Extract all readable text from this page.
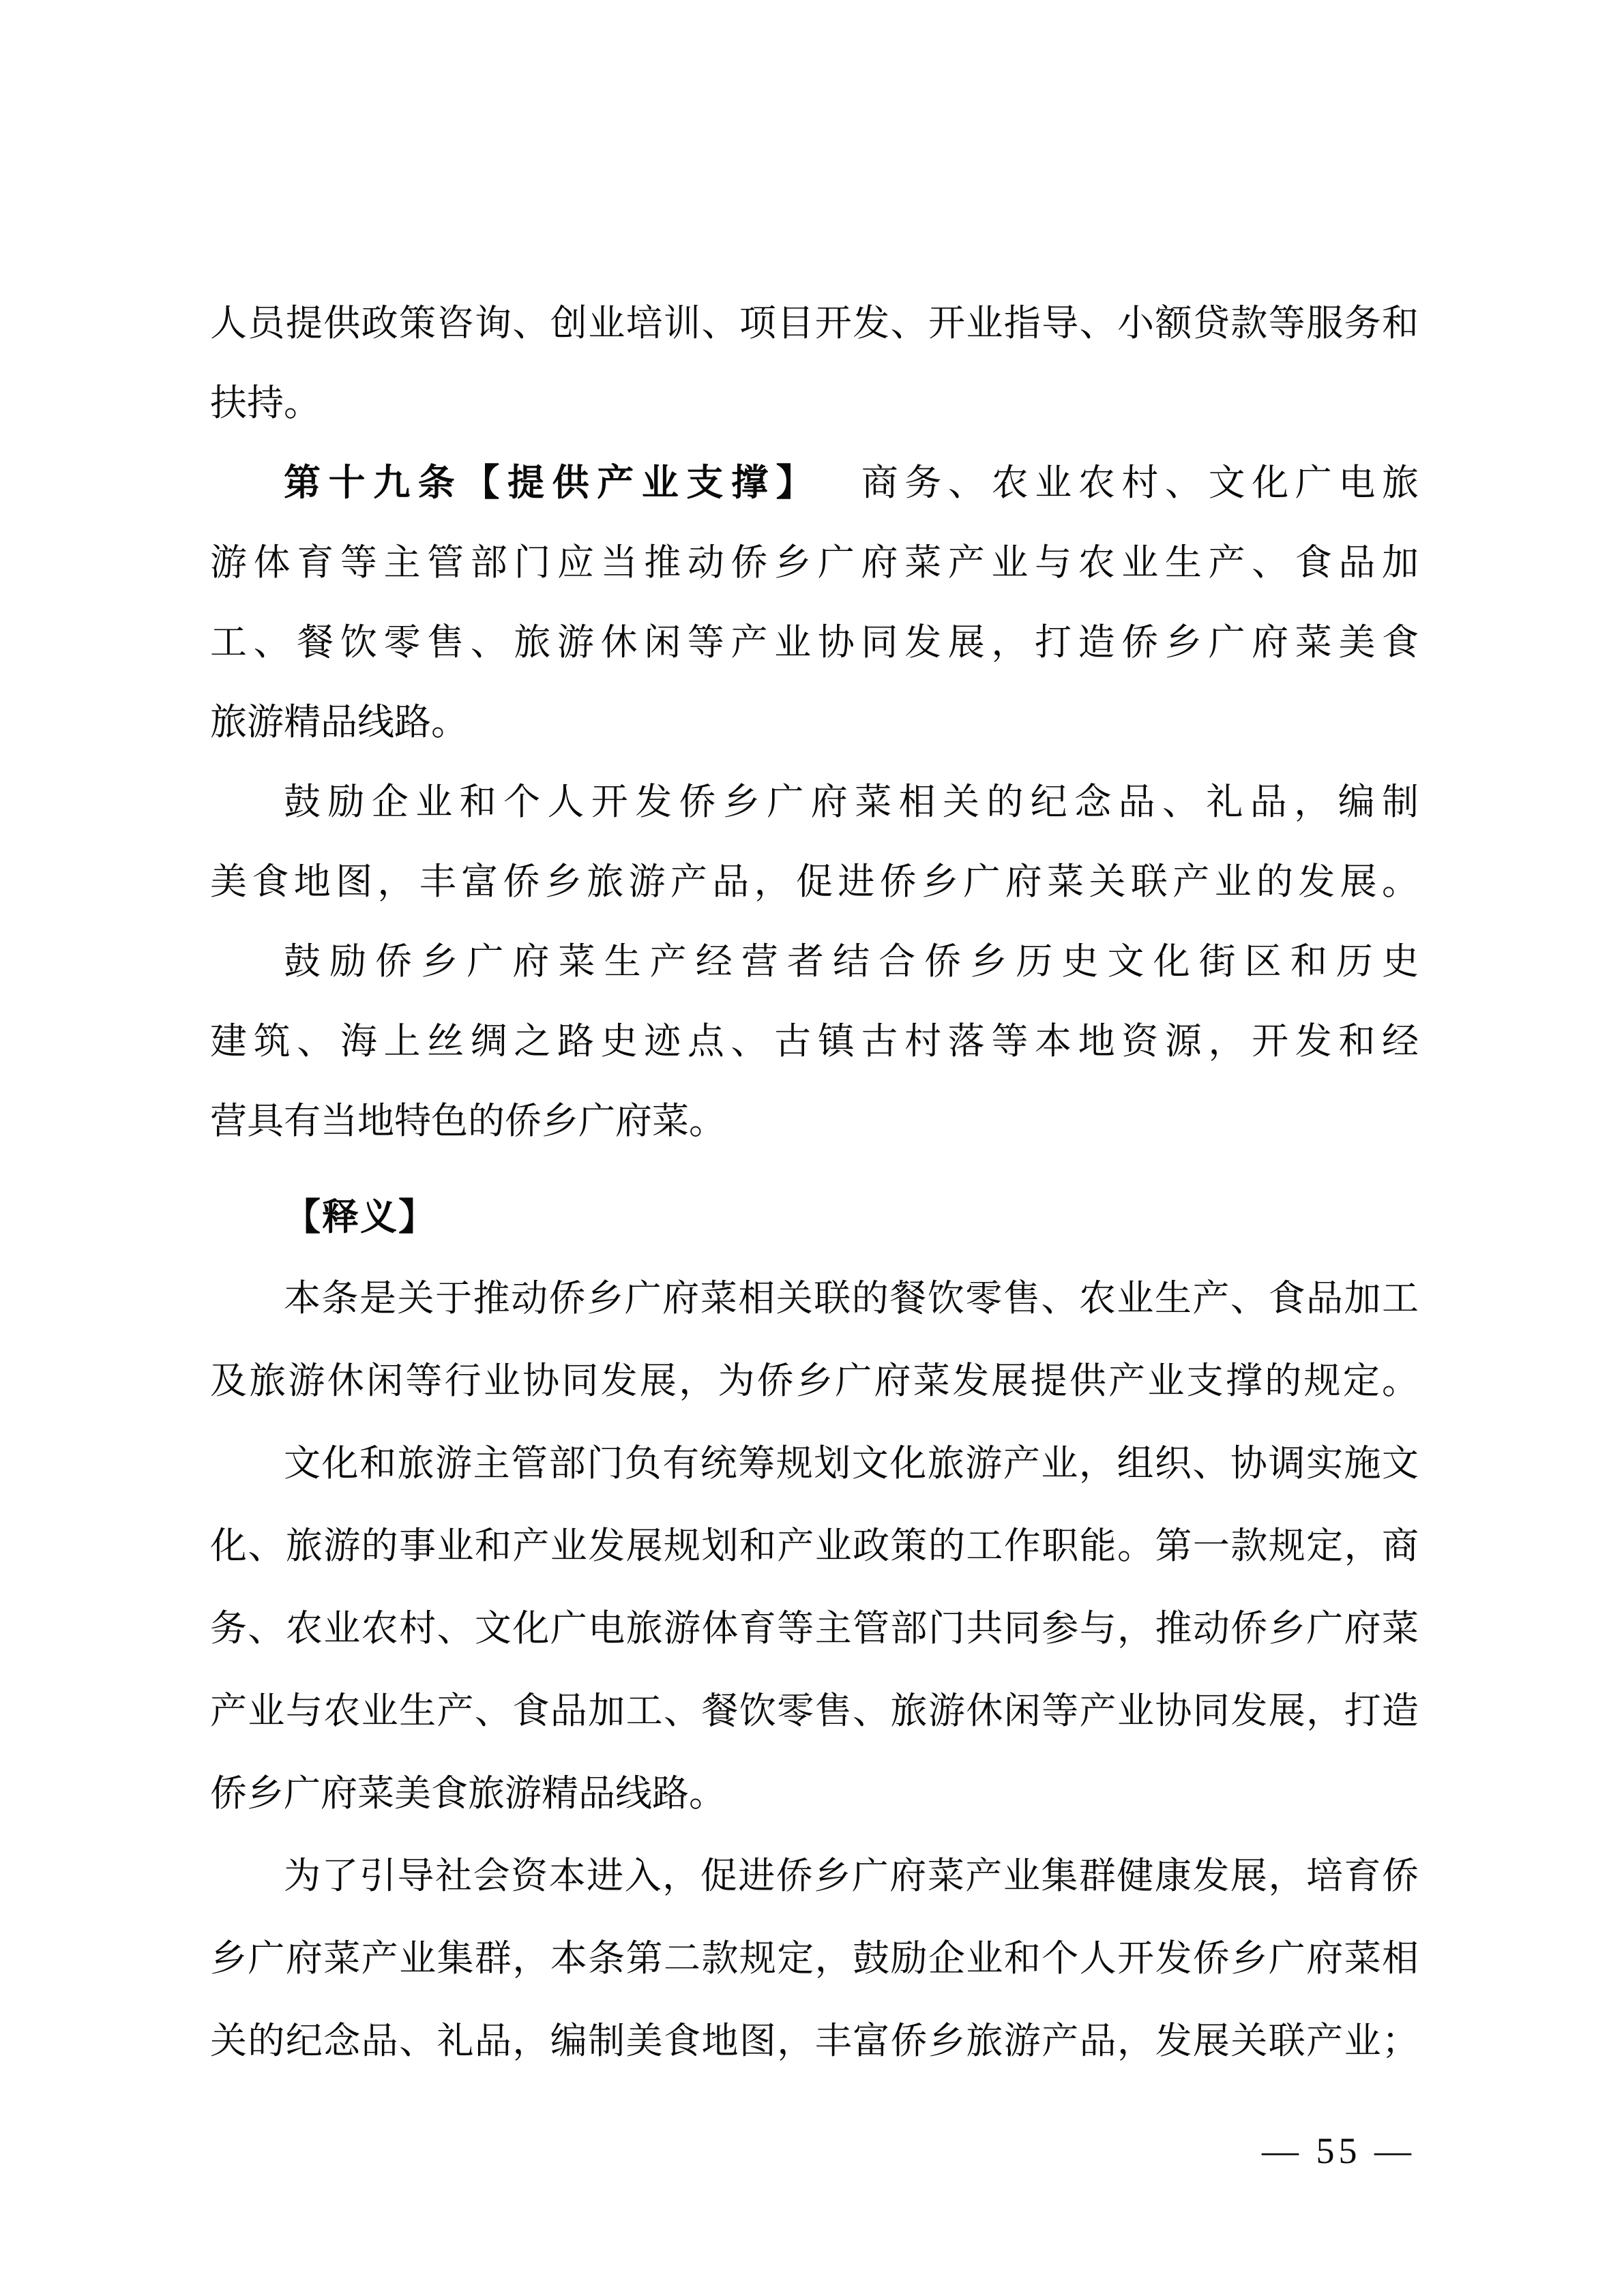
人员提供政策咨询、创业培训、项目开发、开业指导、小额贷款等服务和
扶持。

第十九条【提供产业支撑】 商务、农业农村、文化广电旅
游体育等主管部门应当推动侨乡广府菜产业与农业生产、食品加
工、餐饮零售、旅游休闲等产业协同发展，打造侨乡广府菜美食
旅游精品线路。

鼓励企业和个人开发侨乡广府菜相关的纪念品、礼品，编制
美食地图，丰富侨乡旅游产品，促进侨乡广府菜关联产业的发展。

鼓励侨乡广府菜生产经营者结合侨乡历史文化街区和历史
建筑、海上丝绸之路史迹点、古镇古村落等本地资源，开发和经
营具有当地特色的侨乡广府菜。

【释义】

本条是关于推动侨乡广府菜相关联的餐饮零售、农业生产、食品加工
及旅游休闲等行业协同发展，为侨乡广府菜发展提供产业支撑的规定。

文化和旅游主管部门负有统筹规划文化旅游产业，组织、协调实施文
化、旅游的事业和产业发展规划和产业政策的工作职能。第一款规定，商
务、农业农村、文化广电旅游体育等主管部门共同参与，推动侨乡广府菜
产业与农业生产、食品加工、餐饮零售、旅游休闲等产业协同发展，打造
侨乡广府菜美食旅游精品线路。

为了引导社会资本进入，促进侨乡广府菜产业集群健康发展，培育侨
乡广府菜产业集群，本条第二款规定，鼓励企业和个人开发侨乡广府菜相
关的纪念品、礼品，编制美食地图，丰富侨乡旅游产品，发展关联产业；

— 55 —
